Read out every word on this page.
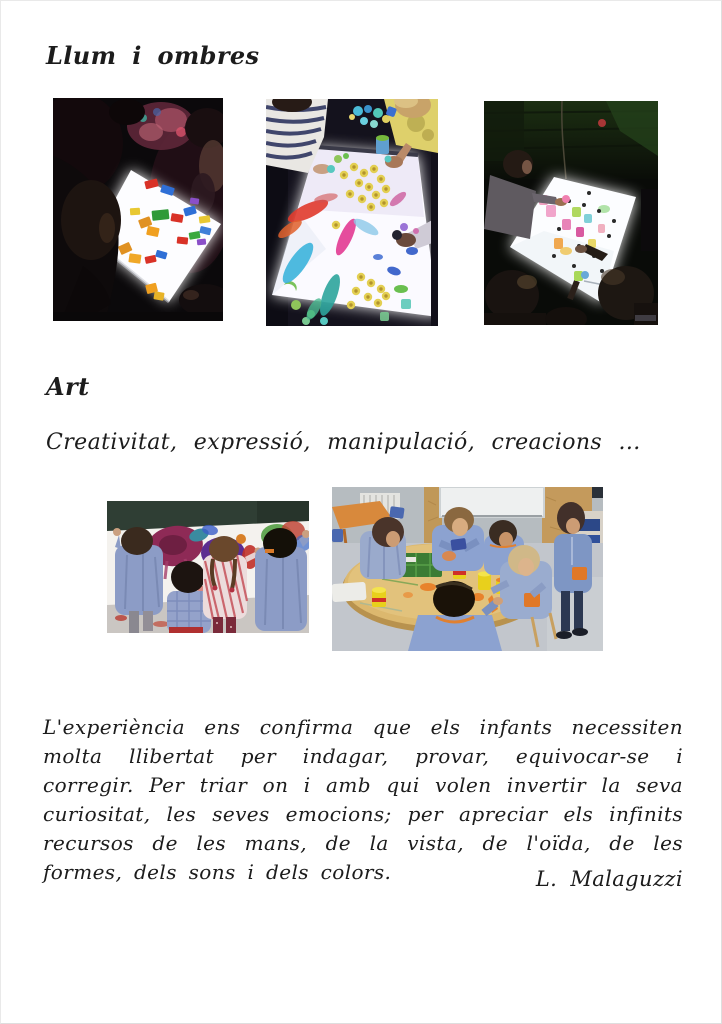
Llum i ombres
Art
Creativitat, expressió, manipulació, creacions ...
L'experiència ens confirma que els infants necessiten molta llibertat per indagar, provar, equivocar-se i corregir. Per triar on i amb qui volen invertir la seva curiositat, les seves emocions; per apreciar els infinits recursos de les mans, de la vista, de l'oïda, de les formes, dels sons i dels colors.	L. Malaguzzi
